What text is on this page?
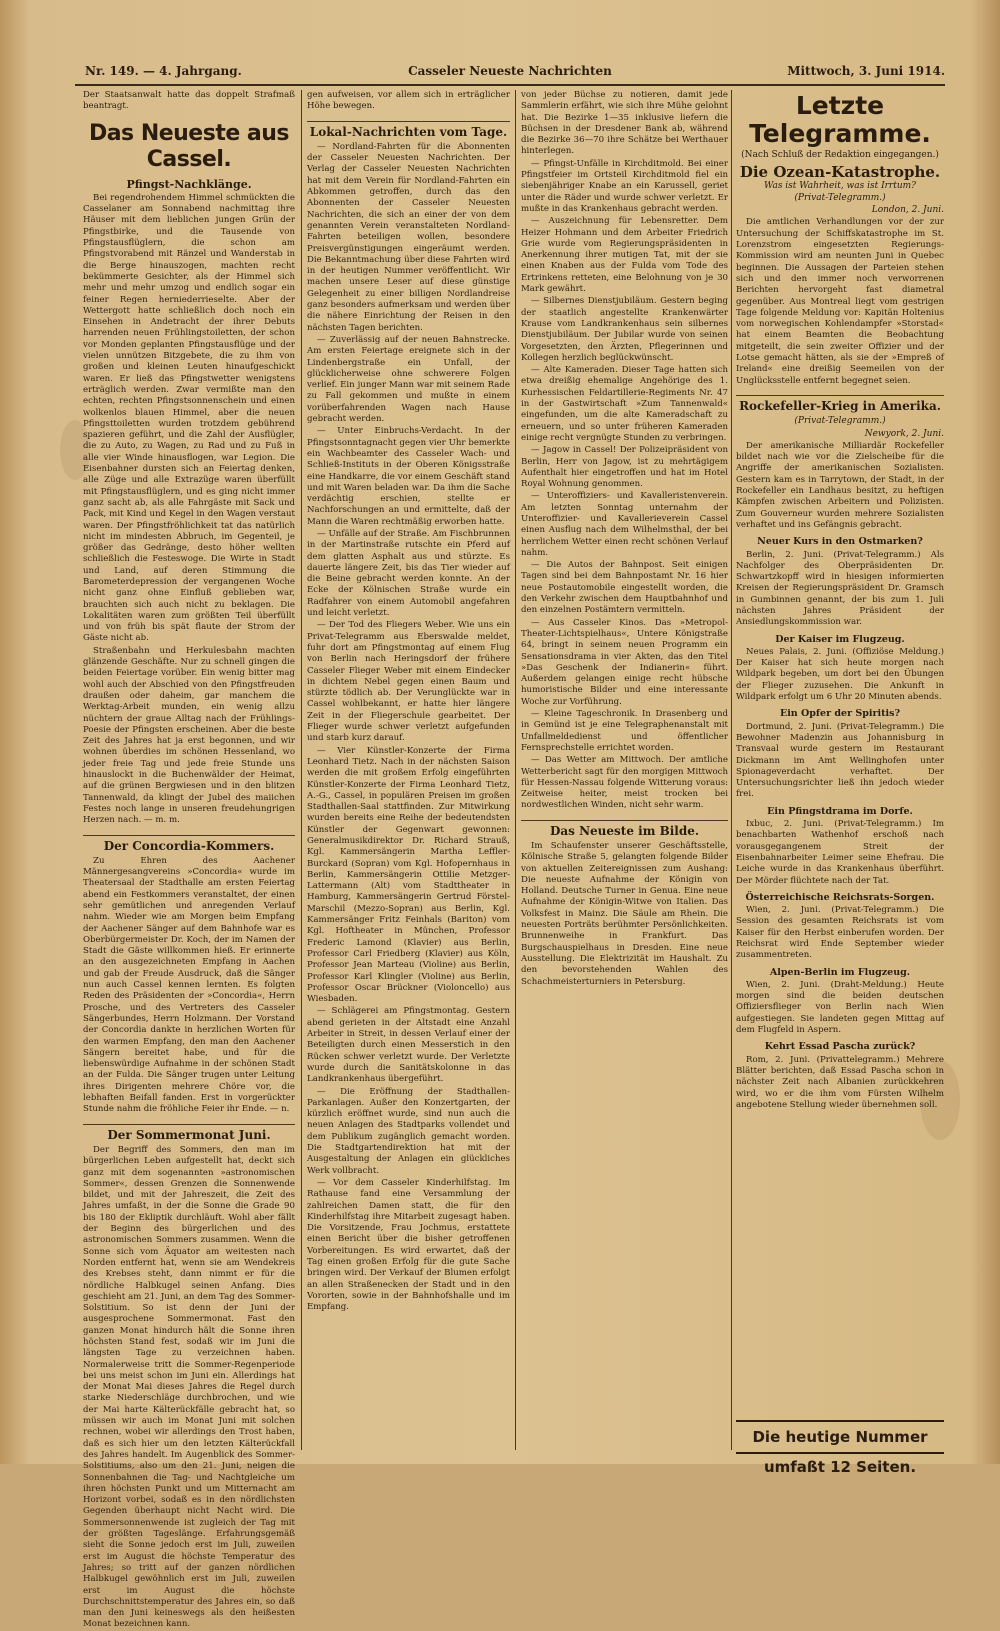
Nr. 149. — 4. Jahrgang.	Casseler Neueste Nachrichten	Mittwoch, 3. Juni 1914.

Der Staatsanwalt hatte das doppelt Strafmaß beantragt.

Das Neueste aus Cassel.
Pfingst-Nachklänge.

Bei regendrohendem Himmel schmückten die Casselaner am Sonnabend nachmittag ihre Häuser mit dem lieblichen jungen Grün der Pfingstbirke, und die Tausende von Pfingstausflüglern, die schon am Pfingstvorabend mit Ränzel und Wanderstab in die Berge hinauszogen, machten recht bekümmerte Gesichter, als der Himmel sich mehr und mehr umzog und endlich sogar ein feiner Regen herniederrieselte. Aber der Wettergott hatte schließlich doch noch ein Einsehen in Andetracht der ihrer Debuts harrenden neuen Frühlingstoiletten, der schon vor Monden geplanten Pfingstausflüge und der vielen unnützen Bitzgebete, die zu ihm von großen und kleinen Leuten hinaufgeschickt waren. Er ließ das Pfingstwetter wenigstens erträglich werden. Zwar vermißte man den echten, rechten Pfingstsonnenschein und einen wolkenlos blauen Himmel, aber die neuen Pfingsttoiletten wurden trotzdem gebührend spazieren geführt, und die Zahl der Ausflügler, die zu Auto, zu Wagen, zu Rad und zu Fuß in alle vier Winde hinausflogen, war Legion. Die Eisenbahner dursten sich an Feiertag denken, alle Züge und alle Extrazüge waren überfüllt mit Pfingstausflüglern, und es ging nicht immer ganz sacht ab, als alle Fahrgäste mit Sack und Pack, mit Kind und Kegel in den Wagen verstaut waren. Der Pfingstfröhlichkeit tat das natürlich nicht im mindesten Abbruch, im Gegenteil, je größer das Gedränge, desto höher wellten schließlich die Festeswoge. Die Wirte in Stadt und Land, auf deren Stimmung die Barometerdepression der vergangenen Woche nicht ganz ohne Einfluß geblieben war, brauchten sich auch nicht zu beklagen. Die Lokalitäten waren zum größten Teil überfüllt und von früh bis spät flaute der Strom der Gäste nicht ab.

Straßenbahn und Herkulesbahn machten glänzende Geschäfte. Nur zu schnell gingen die beiden Feiertage vorüber. Ein wenig bitter mag wohl auch der Abschied von den Pfingstfreuden draußen oder daheim, gar manchem die Werktag-Arbeit munden, ein wenig allzu nüchtern der graue Alltag nach der Frühlings-Poesie der Pfingsten erscheinen. Aber die beste Zeit des Jahres hat ja erst begonnen, und wir wohnen überdies im schönen Hessenland, wo jeder freie Tag und jede freie Stunde uns hinauslockt in die Buchenwälder der Heimat, auf die grünen Bergwiesen und in den blitzen Tannenwald, da klingt der Jubel des maiichen Festes noch lange in unseren freudehungrigen Herzen nach. — m. m.

Der Concordia-Kommers.

Zu Ehren des Aachener Männergesangvereins »Concordia« wurde im Theatersaal der Stadthalle am ersten Feiertag abend ein Festkommers veranstaltet, der einen sehr gemütlichen und anregenden Verlauf nahm. Wieder wie am Morgen beim Empfang der Aachener Sänger auf dem Bahnhofe war es Oberbürgermeister Dr. Koch, der im Namen der Stadt die Gäste willkommen hieß. Er erinnerte an den ausgezeichneten Empfang in Aachen und gab der Freude Ausdruck, daß die Sänger nun auch Cassel kennen lernten. Es folgten Reden des Präsidenten der »Concordia«, Herrn Prosche, und des Vertreters des Casseler Sängerbundes, Herrn Holzmann. Der Vorstand der Concordia dankte in herzlichen Worten für den warmen Empfang, den man den Aachener Sängern bereitet habe, und für die liebenswürdige Aufnahme in der schönen Stadt an der Fulda. Die Sänger trugen unter Leitung ihres Dirigenten mehrere Chöre vor, die lebhaften Beifall fanden. Erst in vorgerückter Stunde nahm die fröhliche Feier ihr Ende. — n.

Der Sommermonat Juni.

Der Begriff des Sommers, den man im bürgerlichen Leben aufgestellt hat, deckt sich ganz mit dem sogenannten »astronomischen Sommer«, dessen Grenzen die Sonnenwende bildet, und mit der Jahreszeit, die Zeit des Jahres umfaßt, in der die Sonne die Grade 90 bis 180 der Ekliptik durchläuft. Wohl aber fällt der Beginn des bürgerlichen und des astronomischen Sommers zusammen. Wenn die Sonne sich vom Äquator am weitesten nach Norden entfernt hat, wenn sie am Wendekreis des Krebses steht, dann nimmt er für die nördliche Halbkugel seinen Anfang. Dies geschieht am 21. Juni, an dem Tag des Sommer-Solstitium. So ist denn der Juni der ausgesprochene Sommermonat. Fast den ganzen Monat hindurch hält die Sonne ihren höchsten Stand fest, sodaß wir im Juni die längsten Tage zu verzeichnen haben. Normalerweise tritt die Sommer-Regenperiode bei uns meist schon im Juni ein. Allerdings hat der Monat Mai dieses Jahres die Regel durch starke Niederschläge durchbrochen, und wie der Mai harte Kälterückfälle gebracht hat, so müssen wir auch im Monat Juni mit solchen rechnen, wobei wir allerdings den Trost haben, daß es sich hier um den letzten Kälterückfall des Jahres handelt. Im Augenblick des Sommer-Solstitiums, also um den 21. Juni, neigen die Sonnenbahnen die Tag- und Nachtgleiche um ihren höchsten Punkt und um Mitternacht am Horizont vorbei, sodaß es in den nördlichsten Gegenden überhaupt nicht Nacht wird. Die Sommersonnenwende ist zugleich der Tag mit der größten Tageslänge. Erfahrungsgemäß sieht die Sonne jedoch erst im Juli, zuweilen erst im August die höchste Temperatur des Jahres; so tritt auf der ganzen nördlichen Halbkugel gewöhnlich erst im Juli, zuweilen erst im August die höchste Durchschnittstemperatur des Jahres ein, so daß man den Juni keineswegs als den heißesten Monat bezeichnen kann.

gen aufweisen, vor allem sich in erträglicher Höhe bewegen.

Lokal-Nachrichten vom Tage.

— Nordland-Fahrten für die Abonnenten der Casseler Neuesten Nachrichten. Der Verlag der Casseler Neuesten Nachrichten hat mit dem Verein für Nordland-Fahrten ein Abkommen getroffen, durch das den Abonnenten der Casseler Neuesten Nachrichten, die sich an einer der von dem genannten Verein veranstalteten Nordland-Fahrten beteiligen wollen, besondere Preisvergünstigungen eingeräumt werden. Die Bekanntmachung über diese Fahrten wird in der heutigen Nummer veröffentlicht. Wir machen unsere Leser auf diese günstige Gelegenheit zu einer billigen Nordlandreise ganz besonders aufmerksam und werden über die nähere Einrichtung der Reisen in den nächsten Tagen berichten.

— Zuverlässig auf der neuen Bahnstrecke. Am ersten Feiertage ereignete sich in der Lindenbergstraße ein Unfall, der glücklicherweise ohne schwerere Folgen verlief. Ein junger Mann war mit seinem Rade zu Fall gekommen und mußte in einem vorüberfahrenden Wagen nach Hause gebracht werden.

— Unter Einbruchs-Verdacht. In der Pfingstsonntagnacht gegen vier Uhr bemerkte ein Wachbeamter des Casseler Wach- und Schließ-Instituts in der Oberen Königsstraße eine Handkarre, die vor einem Geschäft stand und mit Waren beladen war. Da ihm die Sache verdächtig erschien, stellte er Nachforschungen an und ermittelte, daß der Mann die Waren rechtmäßig erworben hatte.

— Unfälle auf der Straße. Am Fischbrunnen in der Martinstraße rutschte ein Pferd auf dem glatten Asphalt aus und stürzte. Es dauerte längere Zeit, bis das Tier wieder auf die Beine gebracht werden konnte. An der Ecke der Kölnischen Straße wurde ein Radfahrer von einem Automobil angefahren und leicht verletzt.

— Der Tod des Fliegers Weber. Wie uns ein Privat-Telegramm aus Eberswalde meldet, fuhr dort am Pfingstmontag auf einem Flug von Berlin nach Heringsdorf der frühere Casseler Flieger Weber mit einem Eindecker in dichtem Nebel gegen einen Baum und stürzte tödlich ab. Der Verunglückte war in Cassel wohlbekannt, er hatte hier längere Zeit in der Fliegerschule gearbeitet. Der Flieger wurde schwer verletzt aufgefunden und starb kurz darauf.

— Vier Künstler-Konzerte der Firma Leonhard Tietz. Nach in der nächsten Saison werden die mit großem Erfolg eingeführten Künstler-Konzerte der Firma Leonhard Tietz, A.-G., Cassel, in populären Preisen im großen Stadthallen-Saal stattfinden. Zur Mitwirkung wurden bereits eine Reihe der bedeutendsten Künstler der Gegenwart gewonnen: Generalmusikdirektor Dr. Richard Strauß, Kgl. Kammersängerin Martha Leffler-Burckard (Sopran) vom Kgl. Hofopernhaus in Berlin, Kammersängerin Ottilie Metzger-Lattermann (Alt) vom Stadttheater in Hamburg, Kammersängerin Gertrud Förstel-Marschil (Mezzo-Sopran) aus Berlin, Kgl. Kammersänger Fritz Feinhals (Bariton) vom Kgl. Hoftheater in München, Professor Frederic Lamond (Klavier) aus Berlin, Professor Carl Friedberg (Klavier) aus Köln, Professor Jean Marteau (Violine) aus Berlin, Professor Karl Klingler (Violine) aus Berlin, Professor Oscar Brückner (Violoncello) aus Wiesbaden.

— Schlägerei am Pfingstmontag. Gestern abend gerieten in der Altstadt eine Anzahl Arbeiter in Streit, in dessen Verlauf einer der Beteiligten durch einen Messerstich in den Rücken schwer verletzt wurde. Der Verletzte wurde durch die Sanitätskolonne in das Landkrankenhaus übergeführt.

— Die Eröffnung der Stadthallen-Parkanlagen. Außer den Konzertgarten, der kürzlich eröffnet wurde, sind nun auch die neuen Anlagen des Stadtparks vollendet und dem Publikum zugänglich gemacht worden. Die Stadtgartendirektion hat mit der Ausgestaltung der Anlagen ein glückliches Werk vollbracht.

— Vor dem Casseler Kinderhilfstag. Im Rathause fand eine Versammlung der zahlreichen Damen statt, die für den Kinderhilfstag ihre Mitarbeit zugesagt haben. Die Vorsitzende, Frau Jochmus, erstattete einen Bericht über die bisher getroffenen Vorbereitungen. Es wird erwartet, daß der Tag einen großen Erfolg für die gute Sache bringen wird. Der Verkauf der Blumen erfolgt an allen Straßenecken der Stadt und in den Vororten, sowie in der Bahnhofshalle und im Empfang.

von jeder Büchse zu notieren, damit jede Sammlerin erfährt, wie sich ihre Mühe gelohnt hat. Die Bezirke 1—35 inklusive liefern die Büchsen in der Dresdener Bank ab, während die Bezirke 36—70 ihre Schätze bei Werthauer hinterlegen.

— Pfingst-Unfälle in Kirchditmold. Bei einer Pfingstfeier im Ortsteil Kirchditmold fiel ein siebenjähriger Knabe an ein Karussell, geriet unter die Räder und wurde schwer verletzt. Er mußte in das Krankenhaus gebracht werden.

— Auszeichnung für Lebensretter. Dem Heizer Hohmann und dem Arbeiter Friedrich Grie wurde vom Regierungspräsidenten in Anerkennung ihrer mutigen Tat, mit der sie einen Knaben aus der Fulda vom Tode des Ertrinkens retteten, eine Belohnung von je 30 Mark gewährt.

— Silbernes Dienstjubiläum. Gestern beging der staatlich angestellte Krankenwärter Krause vom Landkrankenhaus sein silbernes Dienstjubiläum. Der Jubilar wurde von seinen Vorgesetzten, den Ärzten, Pflegerinnen und Kollegen herzlich beglückwünscht.

— Alte Kameraden. Dieser Tage hatten sich etwa dreißig ehemalige Angehörige des 1. Kurhessischen Feldartillerie-Regiments Nr. 47 in der Gastwirtschaft »Zum Tannenwald« eingefunden, um die alte Kameradschaft zu erneuern, und so unter früheren Kameraden einige recht vergnügte Stunden zu verbringen.

— Jagow in Cassel! Der Polizeipräsident von Berlin, Herr von Jagow, ist zu mehrtägigem Aufenthalt hier eingetroffen und hat im Hotel Royal Wohnung genommen.

— Unteroffiziers- und Kavalleristenverein. Am letzten Sonntag unternahm der Unteroffizier- und Kavallerieverein Cassel einen Ausflug nach dem Wilhelmsthal, der bei herrlichem Wetter einen recht schönen Verlauf nahm.

— Die Autos der Bahnpost. Seit einigen Tagen sind bei dem Bahnpostamt Nr. 16 hier neue Postautomobile eingestellt worden, die den Verkehr zwischen dem Hauptbahnhof und den einzelnen Postämtern vermitteln.

— Aus Casseler Kinos. Das »Metropol-Theater-Lichtspielhaus«, Untere Königstraße 64, bringt in seinem neuen Programm ein Sensationsdrama in vier Akten, das den Titel »Das Geschenk der Indianerin« führt. Außerdem gelangen einige recht hübsche humoristische Bilder und eine interessante Woche zur Vorführung.

— Kleine Tageschronik. In Drasenberg und in Gemünd ist je eine Telegraphenanstalt mit Unfallmeldedienst und öffentlicher Fernsprechstelle errichtet worden.

— Das Wetter am Mittwoch. Der amtliche Wetterbericht sagt für den morgigen Mittwoch für Hessen-Nassau folgende Witterung voraus: Zeitweise heiter, meist trocken bei nordwestlichen Winden, nicht sehr warm.

Das Neueste im Bilde.

Im Schaufenster unserer Geschäftsstelle, Kölnische Straße 5, gelangten folgende Bilder von aktuellen Zeitereignissen zum Aushang: Die neueste Aufnahme der Königin von Holland. Deutsche Turner in Genua. Eine neue Aufnahme der Königin-Witwe von Italien. Das Volksfest in Mainz. Die Säule am Rhein. Die neuesten Porträts berühmter Persönlichkeiten. Brunnenweihe in Frankfurt. Das Burgschauspielhaus in Dresden. Eine neue Ausstellung. Die Elektrizität im Haushalt. Zu den bevorstehenden Wahlen des Schachmeisterturniers in Petersburg.

Letzte Telegramme.
(Nach Schluß der Redaktion eingegangen.)
Die Ozean-Katastrophe.
Was ist Wahrheit, was ist Irrtum?
(Privat-Telegramm.)
London, 2. Juni.

Die amtlichen Verhandlungen vor der zur Untersuchung der Schiffskatastrophe im St. Lorenzstrom eingesetzten Regierungs-Kommission wird am neunten Juni in Quebec beginnen. Die Aussagen der Parteien stehen sich und den immer noch verworrenen Berichten hervorgeht fast diametral gegenüber. Aus Montreal liegt vom gestrigen Tage folgende Meldung vor: Kapitän Holtenius vom norwegischen Kohlendampfer »Storstad« hat einem Beamten die Beobachtung mitgeteilt, die sein zweiter Offizier und der Lotse gemacht hätten, als sie der »Empreß of Ireland« eine dreißig Seemeilen von der Unglücksstelle entfernt begegnet seien.

Rockefeller-Krieg in Amerika.
(Privat-Telegramm.)
Newyork, 2. Juni.

Der amerikanische Milliardär Rockefeller bildet nach wie vor die Zielscheibe für die Angriffe der amerikanischen Sozialisten. Gestern kam es in Tarrytown, der Stadt, in der Rockefeller ein Landhaus besitzt, zu heftigen Kämpfen zwischen Arbeitern und Polizisten. Zum Gouverneur wurden mehrere Sozialisten verhaftet und ins Gefängnis gebracht.

Neuer Kurs in den Ostmarken?

Berlin, 2. Juni. (Privat-Telegramm.) Als Nachfolger des Oberpräsidenten Dr. Schwartzkopff wird in hiesigen informierten Kreisen der Regierungspräsident Dr. Gramsch in Gumbinnen genannt, der bis zum 1. Juli nächsten Jahres Präsident der Ansiedlungskommission war.

Der Kaiser im Flugzeug.

Neues Palais, 2. Juni. (Offiziöse Meldung.) Der Kaiser hat sich heute morgen nach Wildpark begeben, um dort bei den Übungen der Flieger zuzusehen. Die Ankunft in Wildpark erfolgt um 6 Uhr 20 Minuten abends.

Ein Opfer der Spiritis?

Dortmund, 2. Juni. (Privat-Telegramm.) Die Bewohner Madenzin aus Johannisburg in Transvaal wurde gestern im Restaurant Dickmann im Amt Wellinghofen unter Spionageverdacht verhaftet. Der Untersuchungsrichter ließ ihn jedoch wieder frei.

Ein Pfingstdrama im Dorfe.

Ixbuc, 2. Juni. (Privat-Telegramm.) Im benachbarten Wathenhof erschoß nach vorausgegangenem Streit der Eisenbahnarbeiter Leimer seine Ehefrau. Die Leiche wurde in das Krankenhaus überführt. Der Mörder flüchtete nach der Tat.

Österreichische Reichsrats-Sorgen.

Wien, 2. Juni. (Privat-Telegramm.) Die Session des gesamten Reichsrats ist vom Kaiser für den Herbst einberufen worden. Der Reichsrat wird Ende September wieder zusammentreten.

Alpen-Berlin im Flugzeug.

Wien, 2. Juni. (Draht-Meldung.) Heute morgen sind die beiden deutschen Offiziersflieger von Berlin nach Wien aufgestiegen. Sie landeten gegen Mittag auf dem Flugfeld in Aspern.

Kehrt Essad Pascha zurück?

Rom, 2. Juni. (Privattelegramm.) Mehrere Blätter berichten, daß Essad Pascha schon in nächster Zeit nach Albanien zurückkehren wird, wo er die ihm vom Fürsten Wilhelm angebotene Stellung wieder übernehmen soll.

Die heutige Nummer umfaßt 12 Seiten.
